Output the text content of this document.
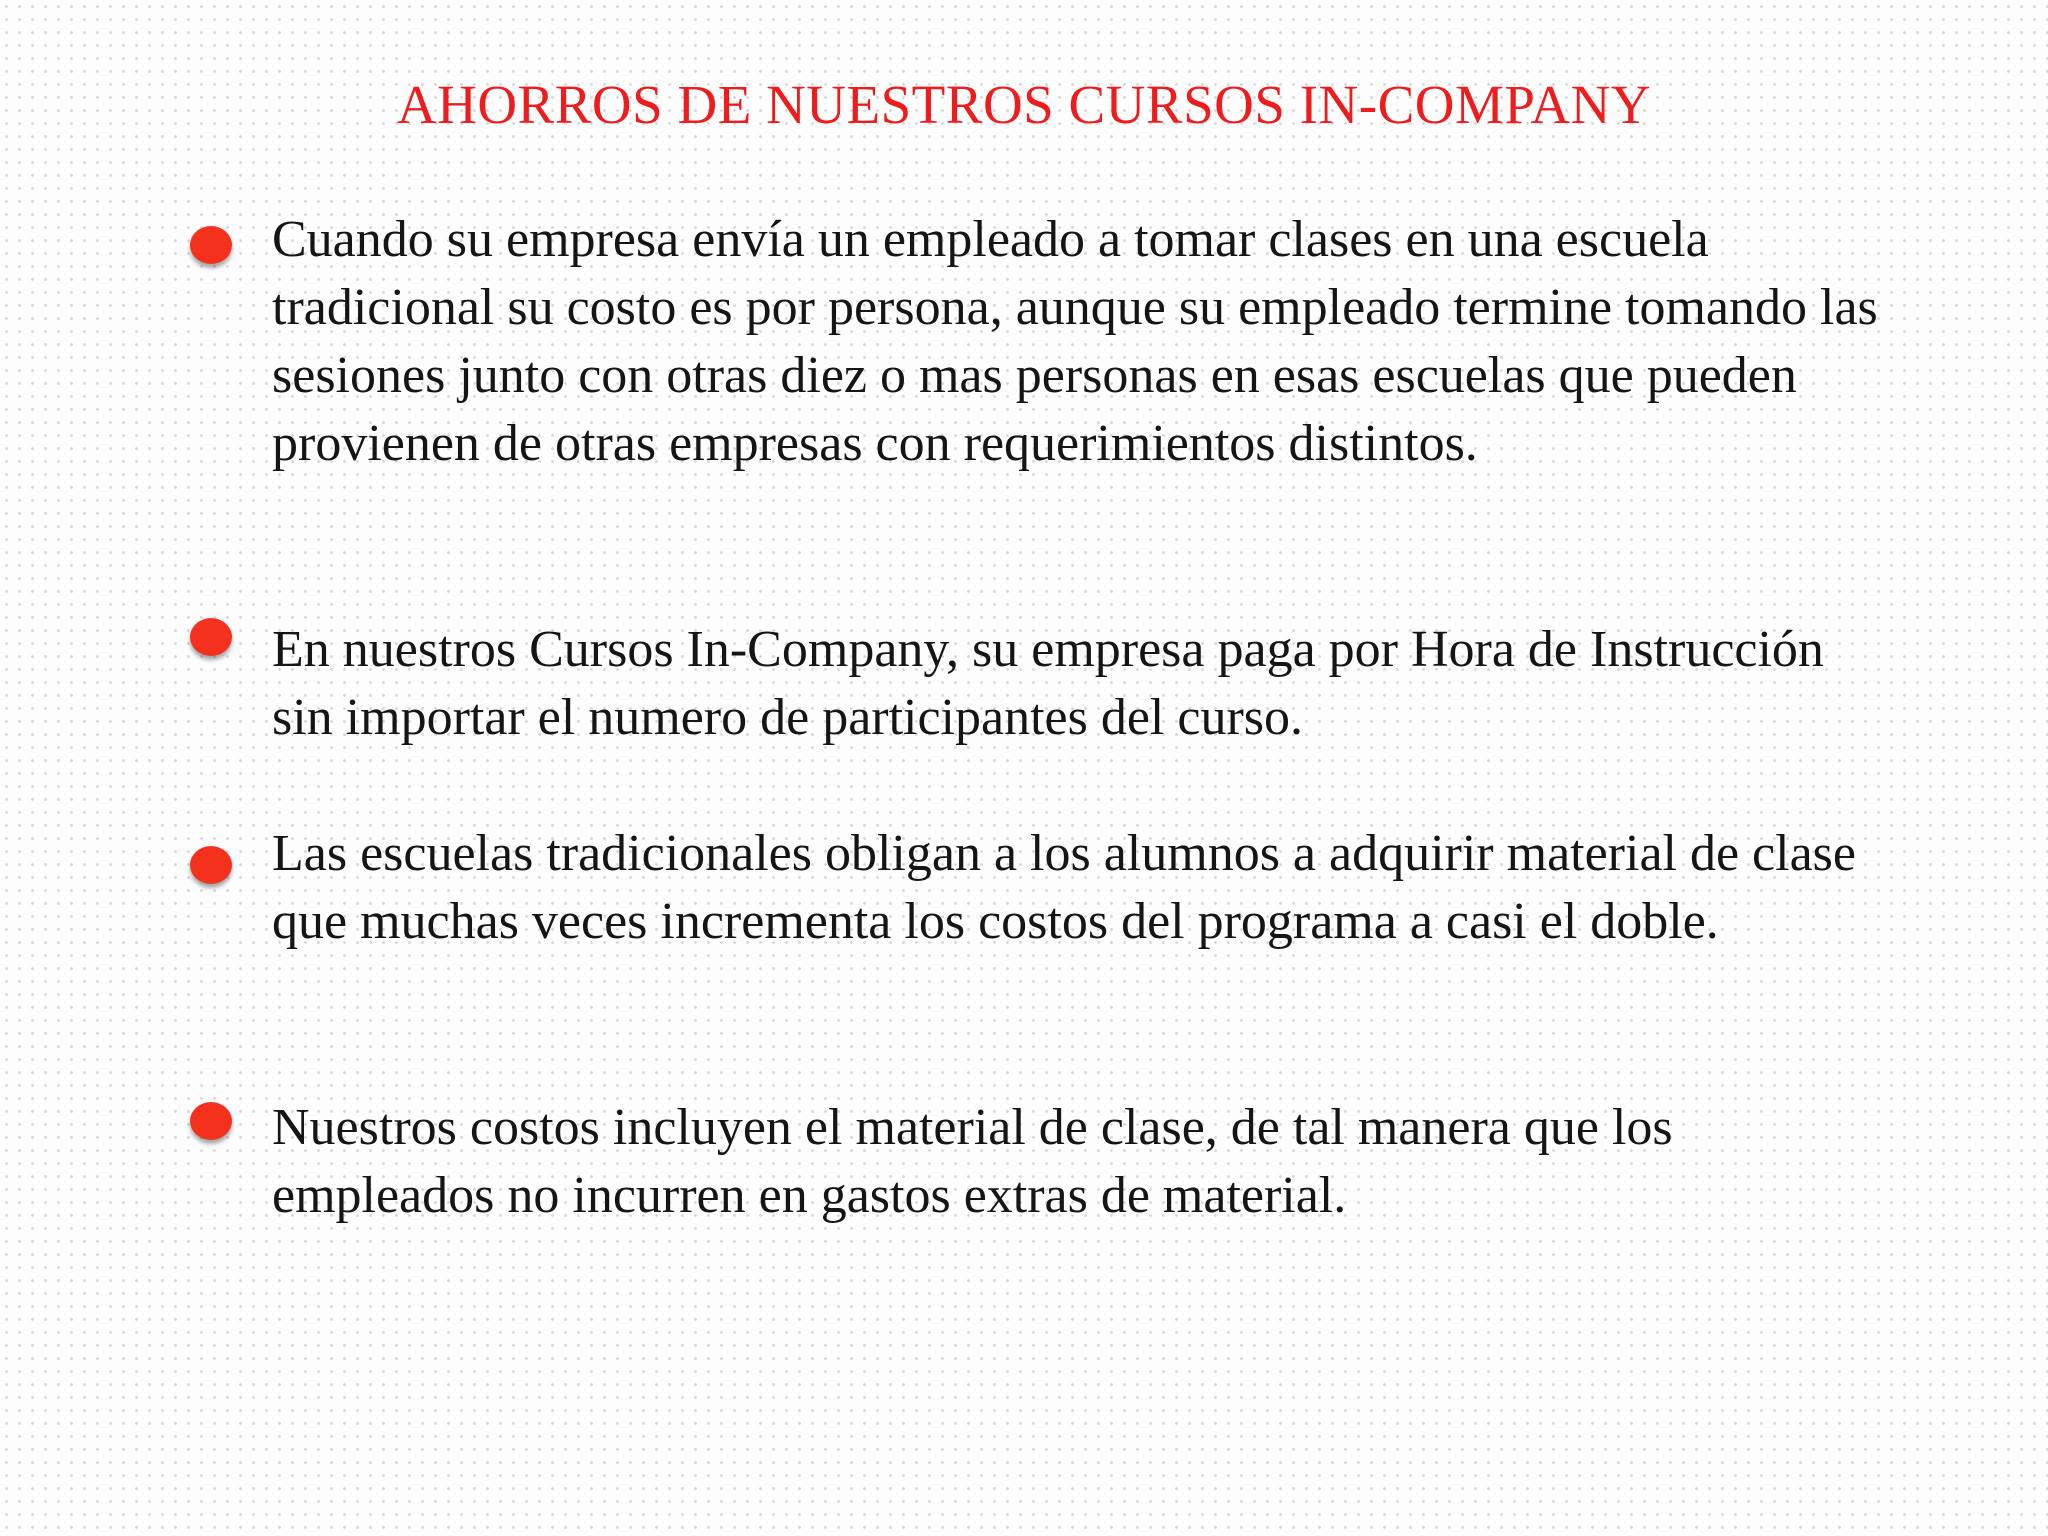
AHORROS DE NUESTROS CURSOS IN-COMPANY

Cuando su empresa envía un empleado a tomar clases en una escuela tradicional su costo es por persona, aunque su empleado termine tomando las sesiones junto con otras diez o mas personas en esas escuelas que pueden provienen de otras empresas con requerimientos distintos.

En nuestros Cursos In-Company, su empresa paga por Hora de Instrucción sin importar el numero de participantes del curso.

Las escuelas tradicionales obligan a los alumnos a adquirir material de clase que muchas veces incrementa los costos del programa a casi el doble.

Nuestros costos incluyen el material de clase, de tal manera que los empleados no incurren en gastos extras de material.
